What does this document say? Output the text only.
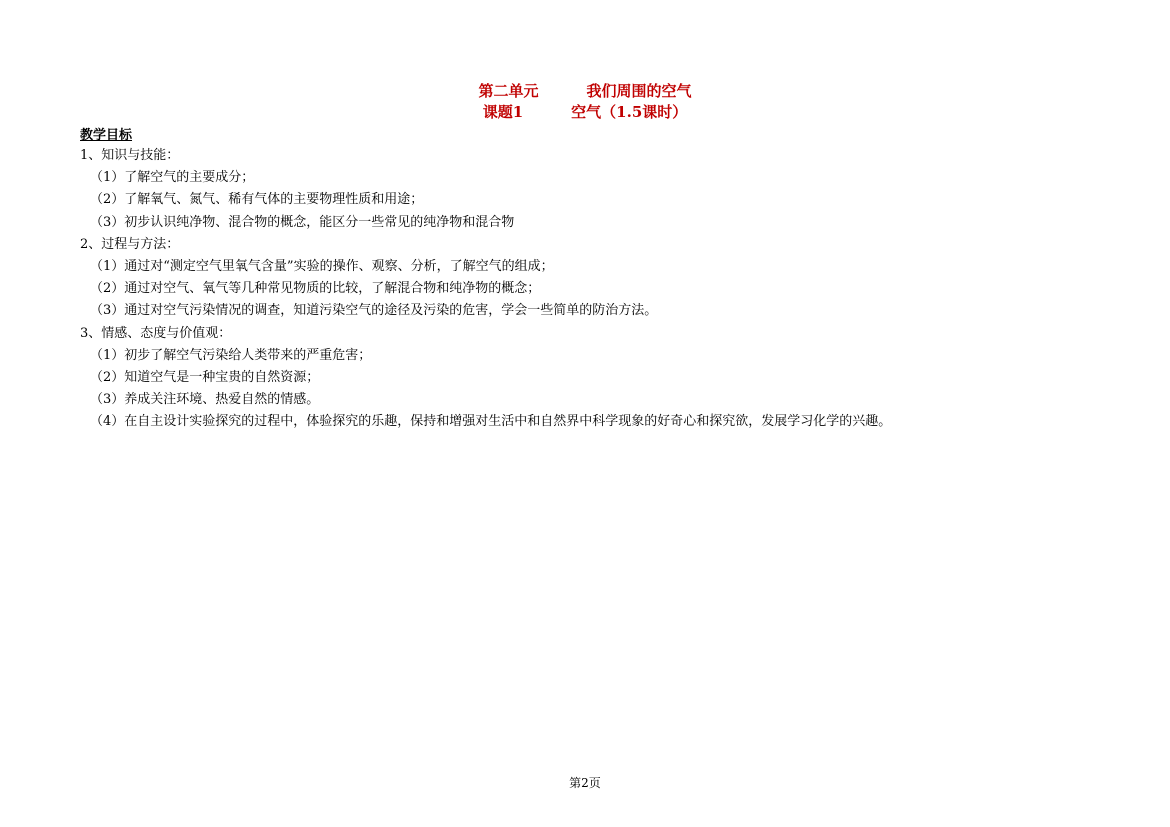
第二单元	我们周围的空气
课题1	空气（1.5课时）
教学目标
1、知识与技能：
（1）了解空气的主要成分；
（2）了解氧气、氮气、稀有气体的主要物理性质和用途；
（3）初步认识纯净物、混合物的概念，能区分一些常见的纯净物和混合物
2、过程与方法：
（1）通过对“测定空气里氧气含量”实验的操作、观察、分析，了解空气的组成；
（2）通过对空气、氧气等几种常见物质的比较，了解混合物和纯净物的概念；
（3）通过对空气污染情况的调查，知道污染空气的途径及污染的危害，学会一些简单的防治方法。
3、情感、态度与价值观：
（1）初步了解空气污染给人类带来的严重危害；
（2）知道空气是一种宝贵的自然资源；
（3）养成关注环境、热爱自然的情感。
（4）在自主设计实验探究的过程中，体验探究的乐趣，保持和增强对生活中和自然界中科学现象的好奇心和探究欲，发展学习化学的兴趣。
第2页
